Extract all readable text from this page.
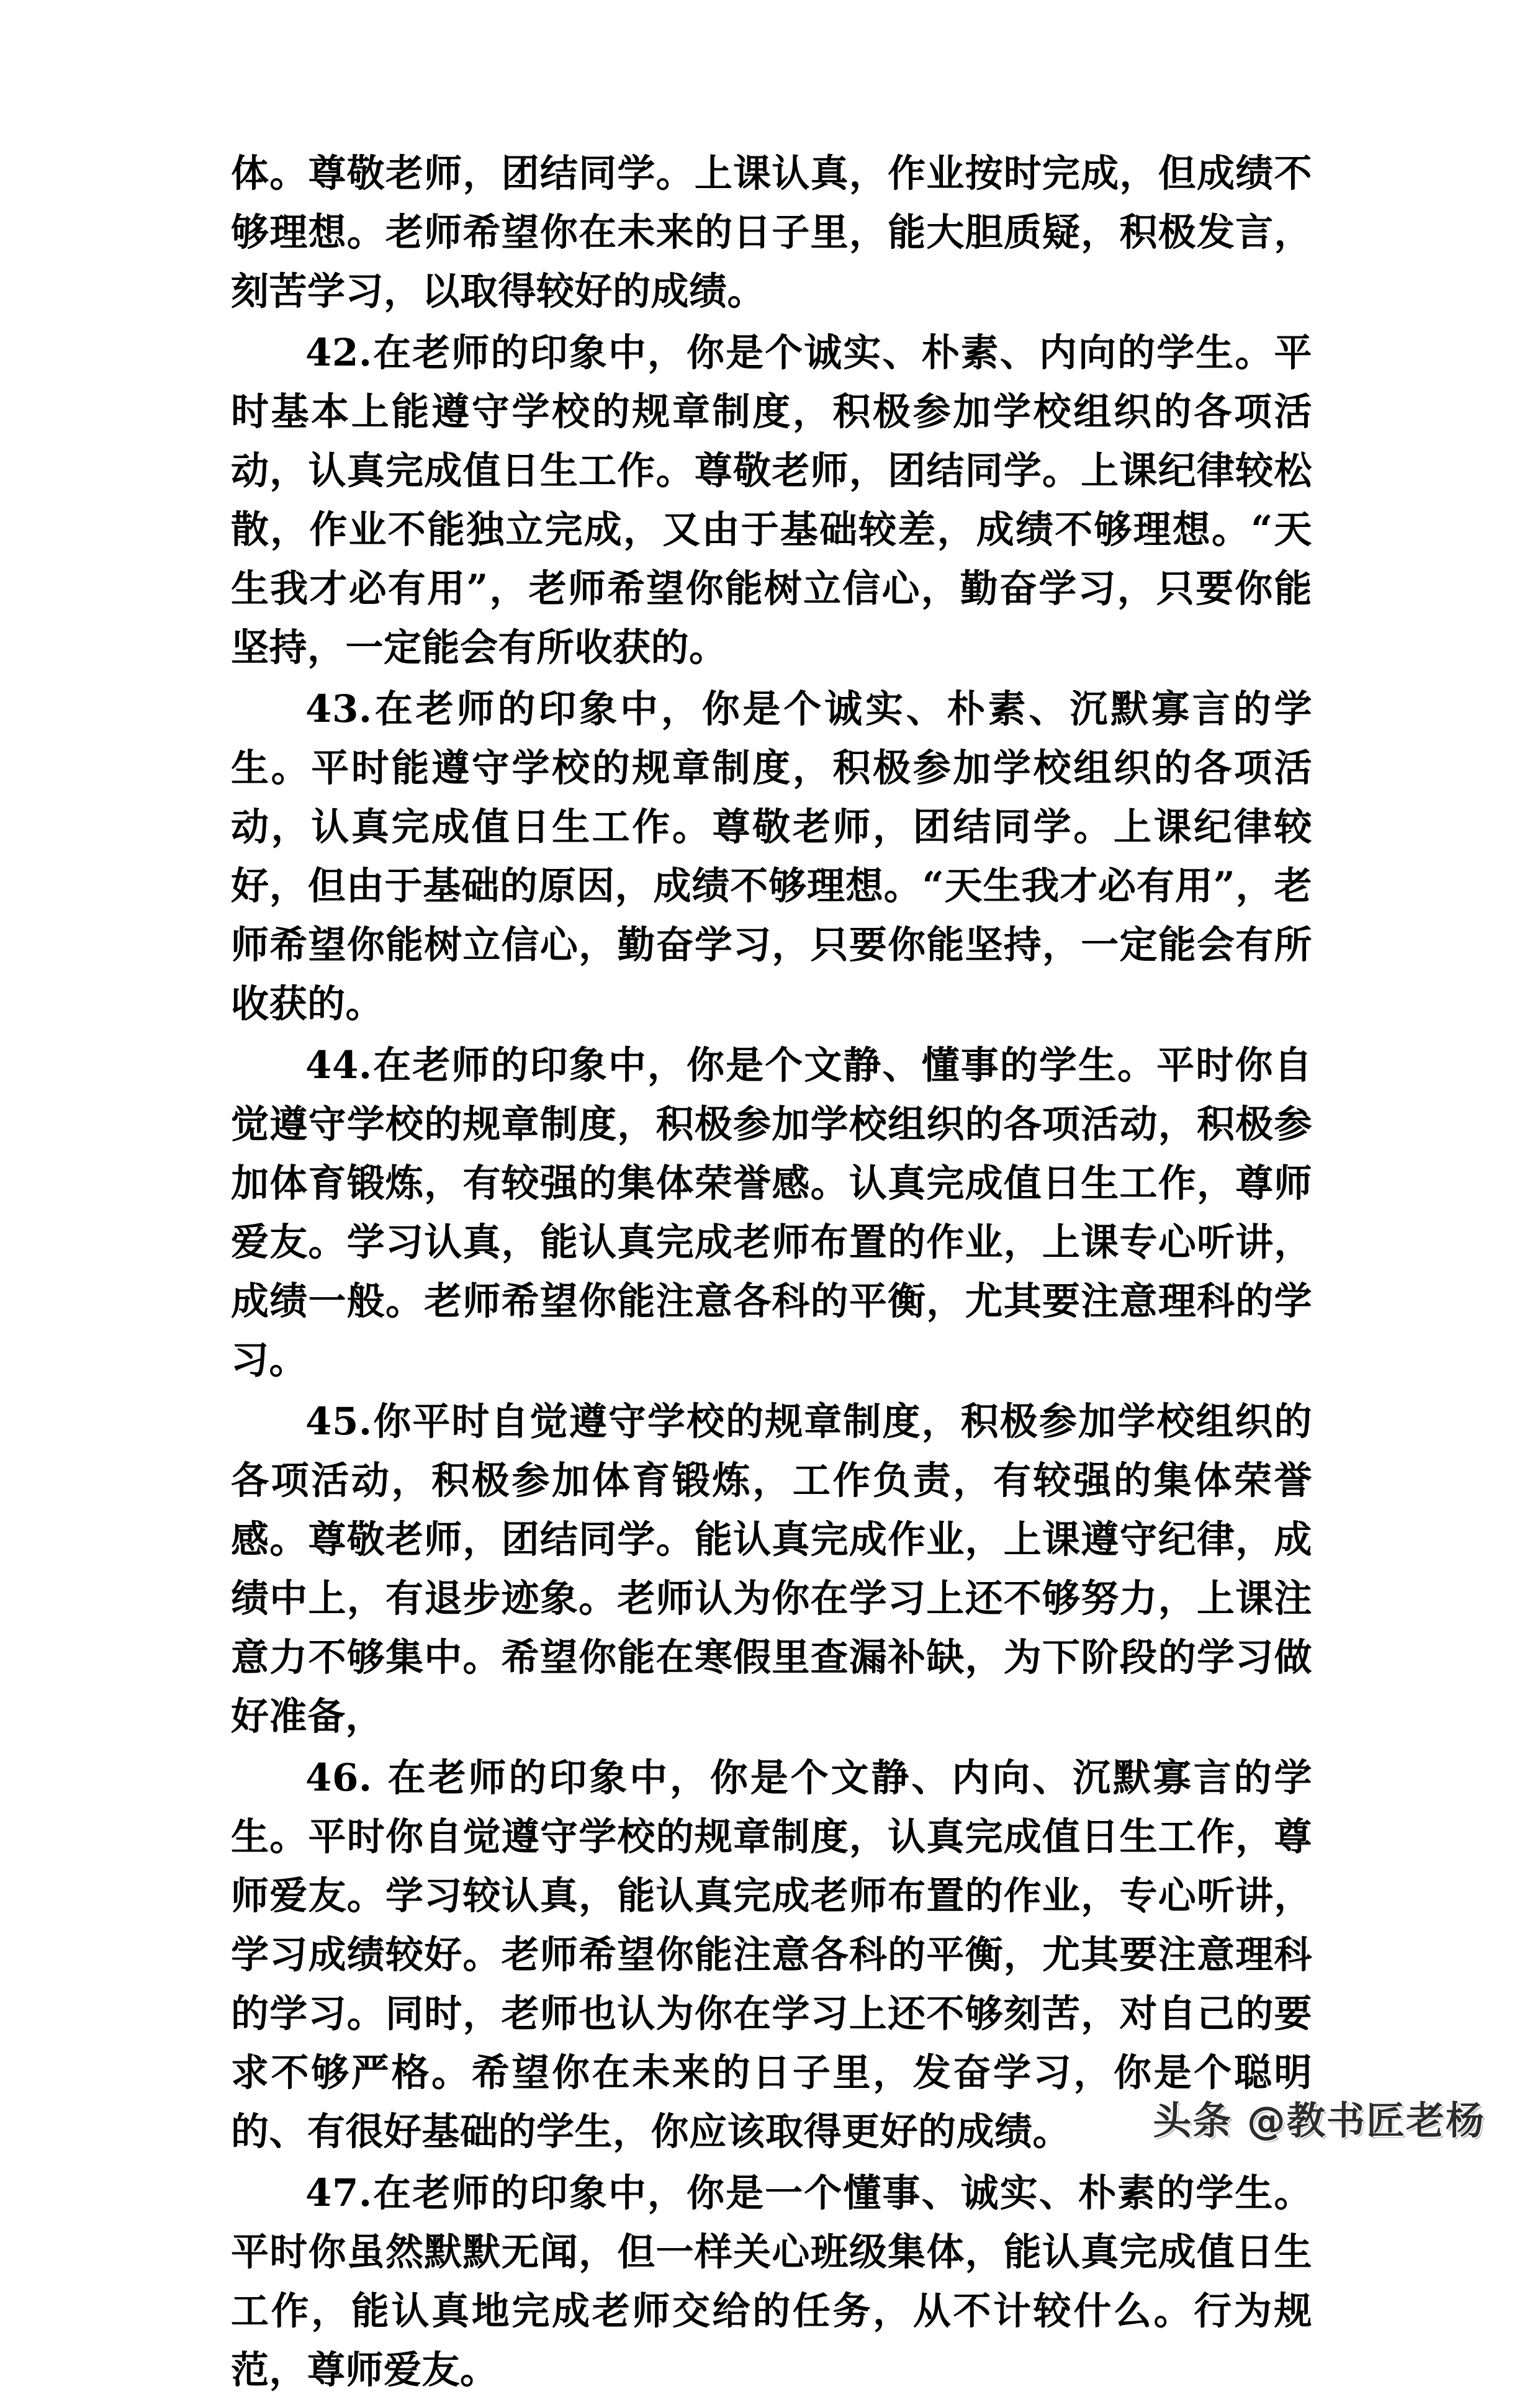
体。尊敬老师，团结同学。上课认真，作业按时完成，但成绩不够理想。老师希望你在未来的日子里，能大胆质疑，积极发言，刻苦学习，以取得较好的成绩。

42.在老师的印象中，你是个诚实、朴素、内向的学生。平时基本上能遵守学校的规章制度，积极参加学校组织的各项活动，认真完成值日生工作。尊敬老师，团结同学。上课纪律较松散，作业不能独立完成，又由于基础较差，成绩不够理想。“天生我才必有用”，老师希望你能树立信心，勤奋学习，只要你能坚持，一定能会有所收获的。

43.在老师的印象中，你是个诚实、朴素、沉默寡言的学生。平时能遵守学校的规章制度，积极参加学校组织的各项活动，认真完成值日生工作。尊敬老师，团结同学。上课纪律较好，但由于基础的原因，成绩不够理想。“天生我才必有用”，老师希望你能树立信心，勤奋学习，只要你能坚持，一定能会有所收获的。

44.在老师的印象中，你是个文静、懂事的学生。平时你自觉遵守学校的规章制度，积极参加学校组织的各项活动，积极参加体育锻炼，有较强的集体荣誉感。认真完成值日生工作，尊师爱友。学习认真，能认真完成老师布置的作业，上课专心听讲，成绩一般。老师希望你能注意各科的平衡，尤其要注意理科的学习。

45.你平时自觉遵守学校的规章制度，积极参加学校组织的各项活动，积极参加体育锻炼，工作负责，有较强的集体荣誉感。尊敬老师，团结同学。能认真完成作业，上课遵守纪律，成绩中上，有退步迹象。老师认为你在学习上还不够努力，上课注意力不够集中。希望你能在寒假里查漏补缺，为下阶段的学习做好准备，

46. 在老师的印象中，你是个文静、内向、沉默寡言的学生。平时你自觉遵守学校的规章制度，认真完成值日生工作，尊师爱友。学习较认真，能认真完成老师布置的作业，专心听讲，学习成绩较好。老师希望你能注意各科的平衡，尤其要注意理科的学习。同时，老师也认为你在学习上还不够刻苦，对自己的要求不够严格。希望你在未来的日子里，发奋学习，你是个聪明的、有很好基础的学生，你应该取得更好的成绩。

47.在老师的印象中，你是一个懂事、诚实、朴素的学生。平时你虽然默默无闻，但一样关心班级集体，能认真完成值日生工作，能认真地完成老师交给的任务，从不计较什么。行为规范，尊师爱友。

头条 @教书匠老杨
